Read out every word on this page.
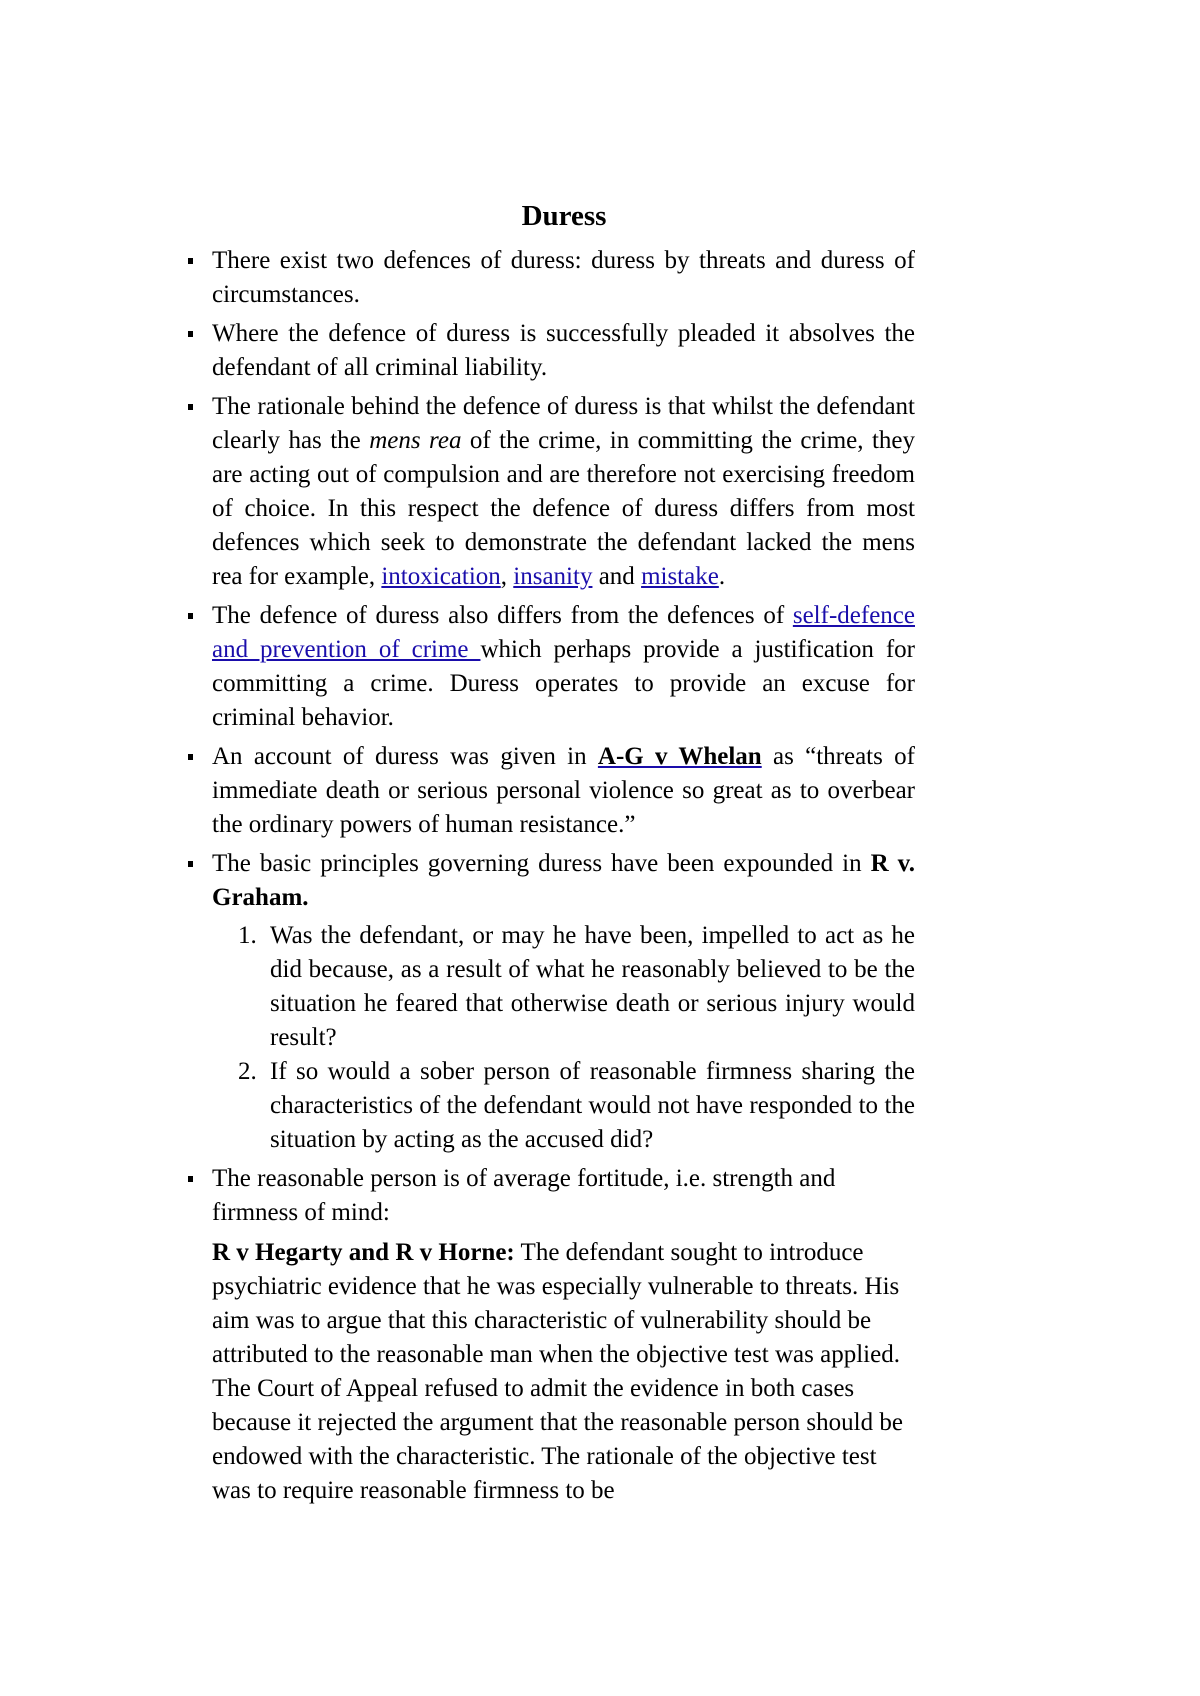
Duress

There exist two defences of duress: duress by threats and duress of circumstances.

Where the defence of duress is successfully pleaded it absolves the defendant of all criminal liability.

The rationale behind the defence of duress is that whilst the defendant clearly has the mens rea of the crime, in committing the crime, they are acting out of compulsion and are therefore not exercising freedom of choice. In this respect the defence of duress differs from most defences which seek to demonstrate the defendant lacked the mens rea for example, intoxication, insanity and mistake.

The defence of duress also differs from the defences of self-defence and prevention of crime which perhaps provide a justification for committing a crime. Duress operates to provide an excuse for criminal behavior.

An account of duress was given in A-G v Whelan as “threats of immediate death or serious personal violence so great as to overbear the ordinary powers of human resistance.”

The basic principles governing duress have been expounded in R v. Graham.
1. Was the defendant, or may he have been, impelled to act as he did because, as a result of what he reasonably believed to be the situation he feared that otherwise death or serious injury would result?
2. If so would a sober person of reasonable firmness sharing the characteristics of the defendant would not have responded to the situation by acting as the accused did?
The reasonable person is of average fortitude, i.e. strength and firmness of mind:
R v Hegarty and R v Horne: The defendant sought to introduce psychiatric evidence that he was especially vulnerable to threats. His aim was to argue that this characteristic of vulnerability should be attributed to the reasonable man when the objective test was applied. The Court of Appeal refused to admit the evidence in both cases because it rejected the argument that the reasonable person should be endowed with the characteristic. The rationale of the objective test was to require reasonable firmness to be
